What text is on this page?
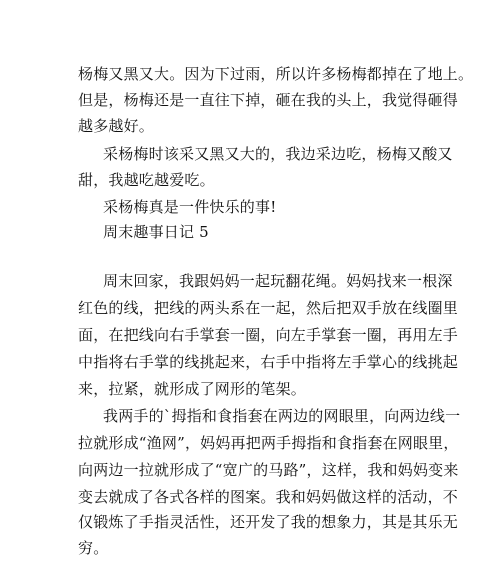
杨梅又黑又大。因为下过雨，所以许多杨梅都掉在了地上。
但是，杨梅还是一直往下掉，砸在我的头上，我觉得砸得
越多越好。
采杨梅时该采又黑又大的，我边采边吃，杨梅又酸又
甜，我越吃越爱吃。
采杨梅真是一件快乐的事!
周末趣事日记 5
周末回家，我跟妈妈一起玩翻花绳。妈妈找来一根深
红色的线，把线的两头系在一起，然后把双手放在线圈里
面，在把线向右手掌套一圈，向左手掌套一圈，再用左手
中指将右手掌的线挑起来，右手中指将左手掌心的线挑起
来，拉紧，就形成了网形的笔架。
我两手的`拇指和食指套在两边的网眼里，向两边线一
拉就形成“渔网”，妈妈再把两手拇指和食指套在网眼里，
向两边一拉就形成了“宽广的马路”，这样，我和妈妈变来
变去就成了各式各样的图案。我和妈妈做这样的活动，不
仅锻炼了手指灵活性，还开发了我的想象力，其是其乐无
穷。
